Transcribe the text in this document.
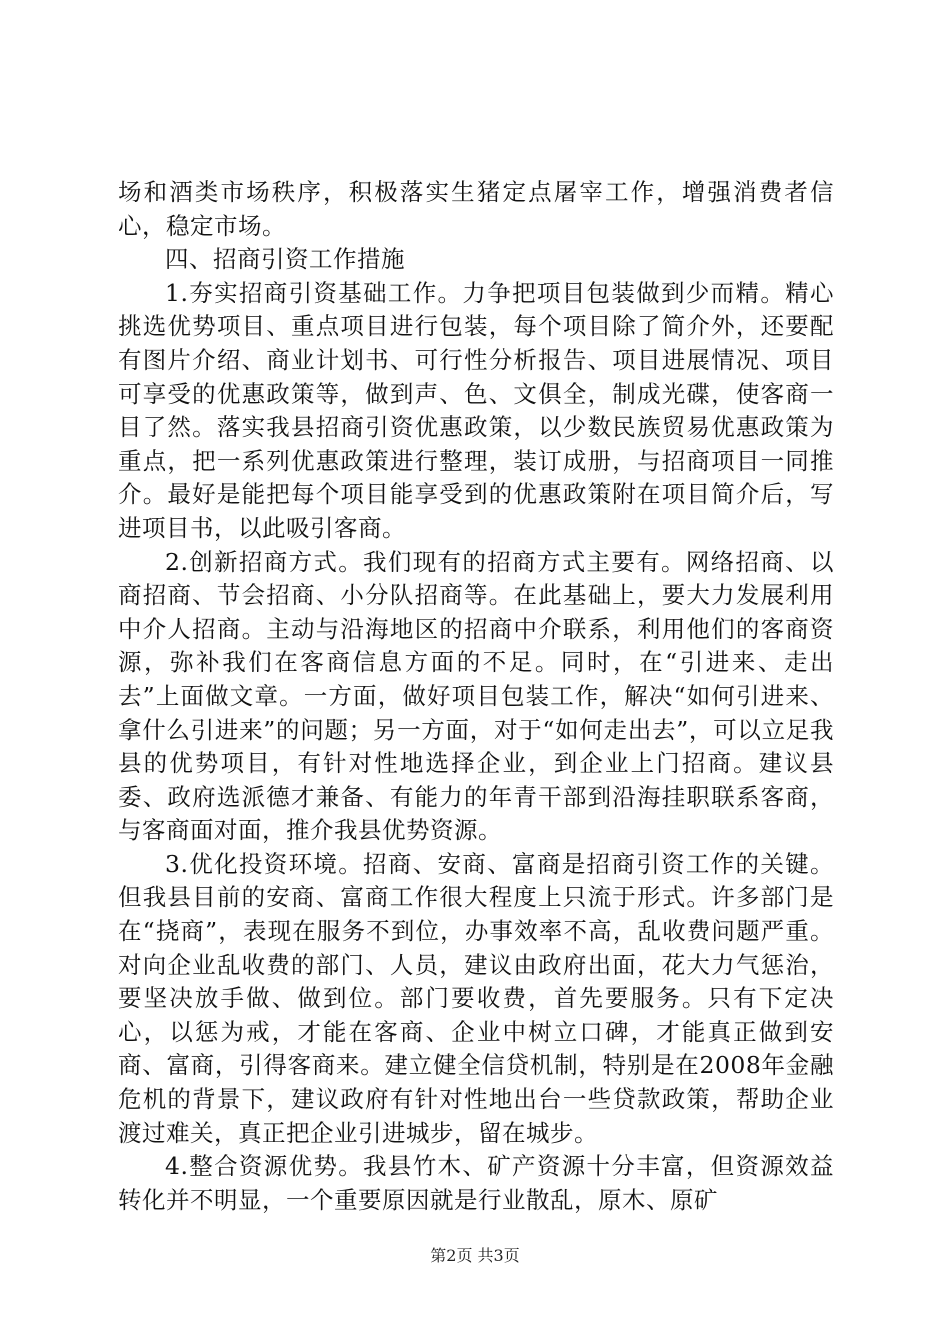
场和酒类市场秩序，积极落实生猪定点屠宰工作，增强消费者信心，稳定市场。

四、招商引资工作措施

1.夯实招商引资基础工作。力争把项目包装做到少而精。精心挑选优势项目、重点项目进行包装，每个项目除了简介外，还要配有图片介绍、商业计划书、可行性分析报告、项目进展情况、项目可享受的优惠政策等，做到声、色、文俱全，制成光碟，使客商一目了然。落实我县招商引资优惠政策，以少数民族贸易优惠政策为重点，把一系列优惠政策进行整理，装订成册，与招商项目一同推介。最好是能把每个项目能享受到的优惠政策附在项目简介后，写进项目书，以此吸引客商。

2.创新招商方式。我们现有的招商方式主要有。网络招商、以商招商、节会招商、小分队招商等。在此基础上，要大力发展利用中介人招商。主动与沿海地区的招商中介联系，利用他们的客商资源，弥补我们在客商信息方面的不足。同时，在“引进来、走出去”上面做文章。一方面，做好项目包装工作，解决“如何引进来、拿什么引进来”的问题；另一方面，对于“如何走出去”，可以立足我县的优势项目，有针对性地选择企业，到企业上门招商。建议县委、政府选派德才兼备、有能力的年青干部到沿海挂职联系客商，与客商面对面，推介我县优势资源。

3.优化投资环境。招商、安商、富商是招商引资工作的关键。但我县目前的安商、富商工作很大程度上只流于形式。许多部门是在“挠商”，表现在服务不到位，办事效率不高，乱收费问题严重。对向企业乱收费的部门、人员，建议由政府出面，花大力气惩治，要坚决放手做、做到位。部门要收费，首先要服务。只有下定决心，以惩为戒，才能在客商、企业中树立口碑，才能真正做到安商、富商，引得客商来。建立健全信贷机制，特别是在2008年金融危机的背景下，建议政府有针对性地出台一些贷款政策，帮助企业渡过难关，真正把企业引进城步，留在城步。

4.整合资源优势。我县竹木、矿产资源十分丰富，但资源效益转化并不明显，一个重要原因就是行业散乱，原木、原矿

第2页 共3页
